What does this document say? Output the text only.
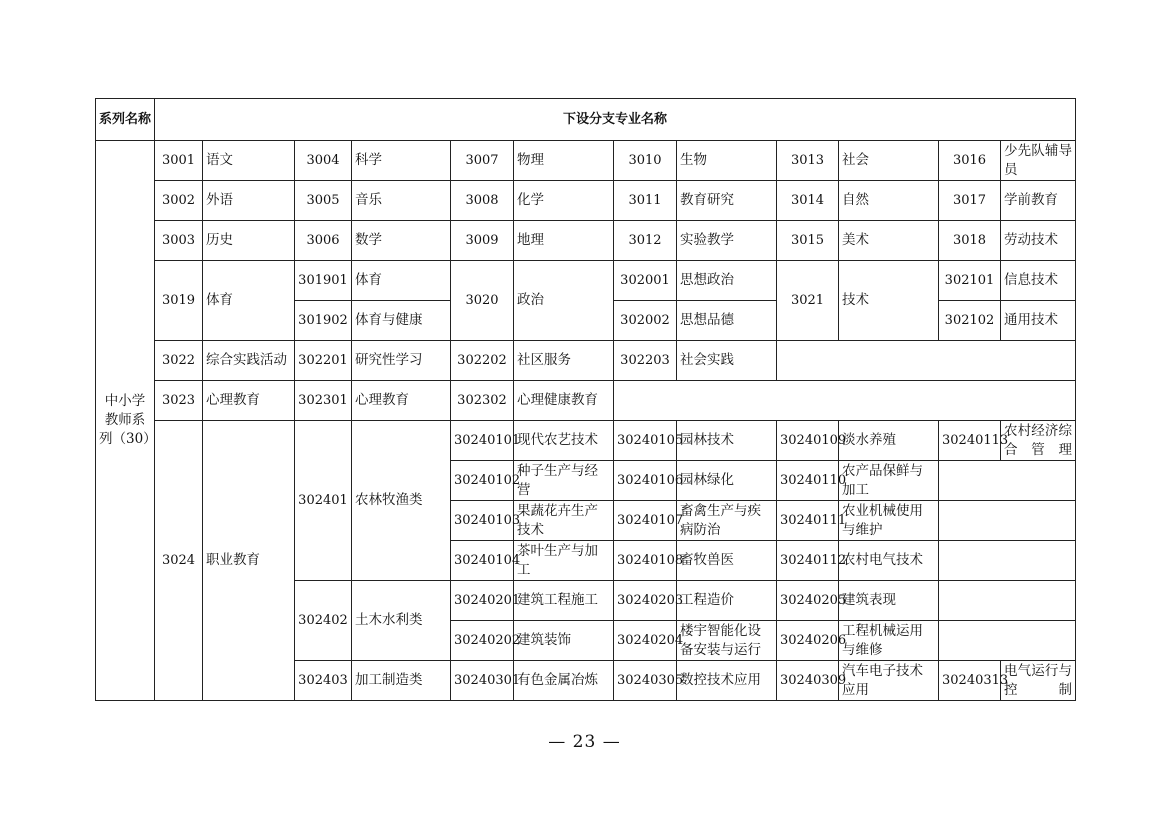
系列名称	下设分支专业名称											
中小学教师系列（30）	3001	语文	3004	科学	3007	物理	3010	生物	3013	社会	3016	少先队辅导员
	3002	外语	3005	音乐	3008	化学	3011	教育研究	3014	自然	3017	学前教育
	3003	历史	3006	数学	3009	地理	3012	实验教学	3015	美术	3018	劳动技术
	3019	体育	301901	体育	3020	政治	302001	思想政治	3021	技术	302101	信息技术
			301902	体育与健康			302002	思想品德			302102	通用技术
	3022	综合实践活动	302201	研究性学习	302202	社区服务	302203	社会实践				
	3023	心理教育	302301	心理教育	302302	心理健康教育						
	3024	职业教育	302401	农林牧渔类	30240101	现代农艺技术	30240105	园林技术	30240109	淡水养殖	30240113	农村经济综合管理
					30240102	种子生产与经营	30240106	园林绿化	30240110	农产品保鲜与加工		
					30240103	果蔬花卉生产技术	30240107	畜禽生产与疾病防治	30240111	农业机械使用与维护		
					30240104	茶叶生产与加工	30240108	畜牧兽医	30240112	农村电气技术		
			302402	土木水利类	30240201	建筑工程施工	30240203	工程造价	30240205	建筑表现		
					30240202	建筑装饰	30240204	楼宇智能化设备安装与运行	30240206	工程机械运用与维修		
			302403	加工制造类	30240301	有色金属冶炼	30240305	数控技术应用	30240309	汽车电子技术应用	30240313	电气运行与控制
— 23 —
